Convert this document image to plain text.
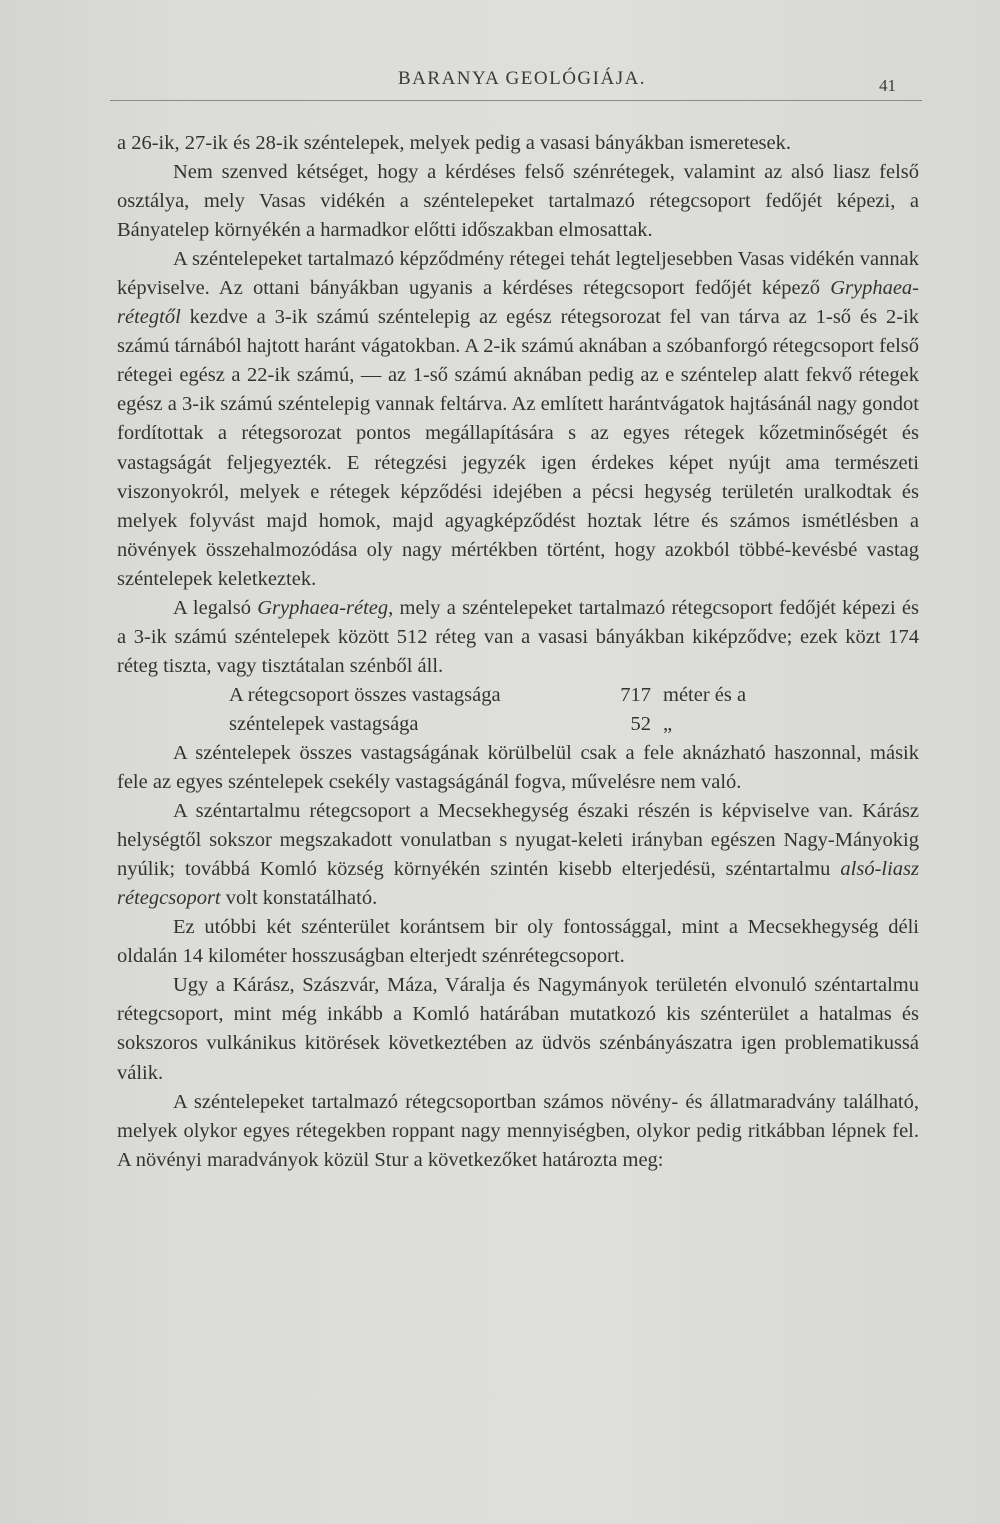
BARANYA GEOLÓGIÁJA.	41

a 26-ik, 27-ik és 28-ik széntelepek, melyek pedig a vasasi bányákban ismeretesek.

Nem szenved kétséget, hogy a kérdéses felső szénrétegek, valamint az alsó liasz felső osztálya, mely Vasas vidékén a széntelepeket tartalmazó rétegcsoport fedőjét képezi, a Bányatelep környékén a harmadkor előtti időszakban elmosattak.

A széntelepeket tartalmazó képződmény rétegei tehát legteljesebben Vasas vidékén vannak képviselve. Az ottani bányákban ugyanis a kérdéses rétegcsoport fedőjét képező Gryphaea-rétegtől kezdve a 3-ik számú széntelepig az egész rétegsorozat fel van tárva az 1-ső és 2-ik számú tárnából hajtott haránt vágatokban. A 2-ik számú aknában a szóbanforgó rétegcsoport felső rétegei egész a 22-ik számú, — az 1-ső számú aknában pedig az e széntelep alatt fekvő rétegek egész a 3-ik számú széntelepig vannak feltárva. Az említett harántvágatok hajtásánál nagy gondot fordítottak a rétegsorozat pontos megállapítására s az egyes rétegek kőzetminőségét és vastagságát feljegyezték. E rétegzési jegyzék igen érdekes képet nyújt ama természeti viszonyokról, melyek e rétegek képződési idejében a pécsi hegység területén uralkodtak és melyek folyvást majd homok, majd agyagképződést hoztak létre és számos ismétlésben a növények összehalmozódása oly nagy mértékben történt, hogy azokból többé-kevésbé vastag széntelepek keletkeztek.

A legalsó Gryphaea-réteg, mely a széntelepeket tartalmazó rétegcsoport fedőjét képezi és a 3-ik számú széntelepek között 512 réteg van a vasasi bányákban kiképződve; ezek közt 174 réteg tiszta, vagy tisztátalan szénből áll.

A rétegcsoport összes vastagsága	717 méter és a
széntelepek vastagsága	52 „

A széntelepek összes vastagságának körülbelül csak a fele aknázható haszonnal, másik fele az egyes széntelepek csekély vastagságánál fogva, művelésre nem való.

A széntartalmu rétegcsoport a Mecsekhegység északi részén is képviselve van. Kárász helységtől sokszor megszakadott vonulatban s nyugat-keleti irányban egészen Nagy-Mányokig nyúlik; továbbá Komló község környékén szintén kisebb elterjedésü, széntartalmu alsó-liasz rétegcsoport volt konstatálható.

Ez utóbbi két szénterület korántsem bir oly fontossággal, mint a Mecsekhegység déli oldalán 14 kilométer hosszuságban elterjedt szénrétegcsoport.

Ugy a Kárász, Szászvár, Máza, Váralja és Nagymányok területén elvonuló széntartalmu rétegcsoport, mint még inkább a Komló határában mutatkozó kis szénterület a hatalmas és sokszoros vulkánikus kitörések következtében az üdvös szénbányászatra igen problematikussá válik.

A széntelepeket tartalmazó rétegcsoportban számos növény- és állatmaradvány található, melyek olykor egyes rétegekben roppant nagy mennyiségben, olykor pedig ritkábban lépnek fel. A növényi maradványok közül Stur a következőket határozta meg:
